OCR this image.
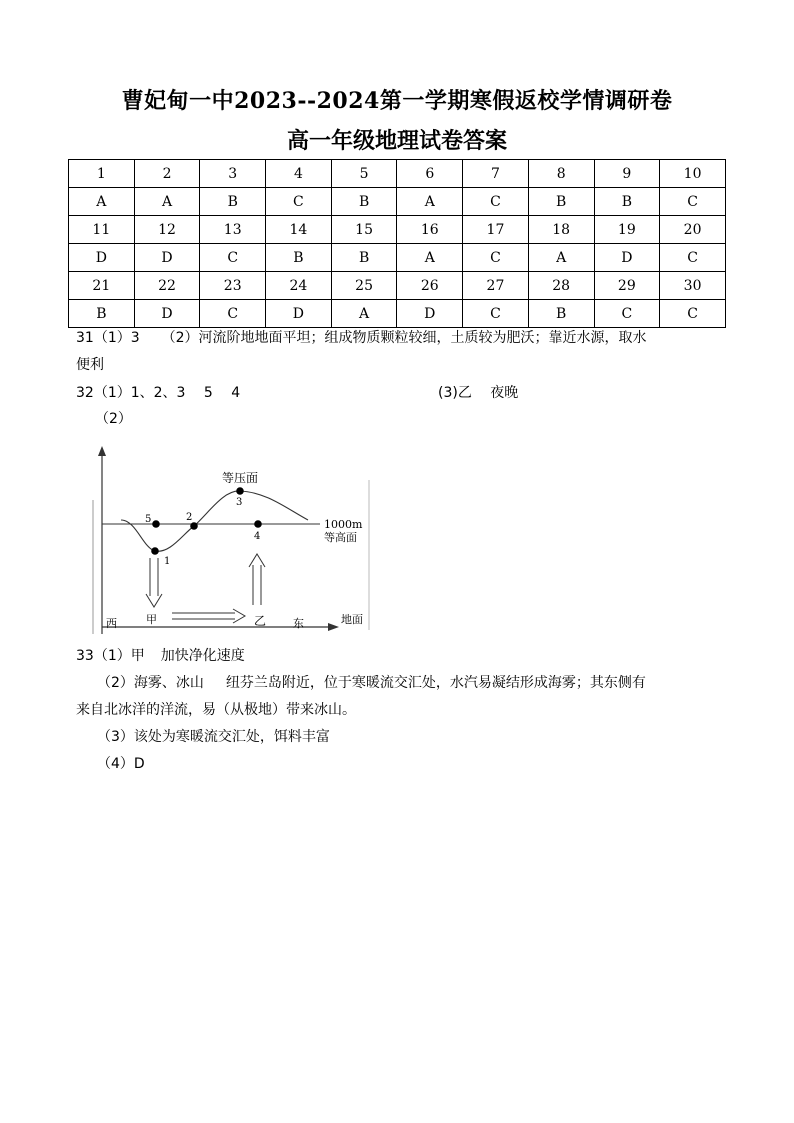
曹妃甸一中2023--2024第一学期寒假返校学情调研卷
高一年级地理试卷答案
1	2	3	4	5	6	7	8	9	10
A	A	B	C	B	A	C	B	B	C
11	12	13	14	15	16	17	18	19	20
D	D	C	B	B	A	C	A	D	C
21	22	23	24	25	26	27	28	29	30
B	D	C	D	A	D	C	B	C	C
31（1）3 （2）河流阶地地面平坦；组成物质颗粒较细，土质较为肥沃；靠近水源，取水
便利
32（1）1、2、3　 5　 4	(3)乙　 夜晚
（2）
5
1
2
3
4
等压面
1000m
等高面
地面
西	甲	乙 东
33（1）甲 加快净化速度
（2）海雾、冰山 纽芬兰岛附近，位于寒暖流交汇处，水汽易凝结形成海雾；其东侧有
来自北冰洋的洋流，易（从极地）带来冰山。
（3）该处为寒暖流交汇处，饵料丰富
（4）D
